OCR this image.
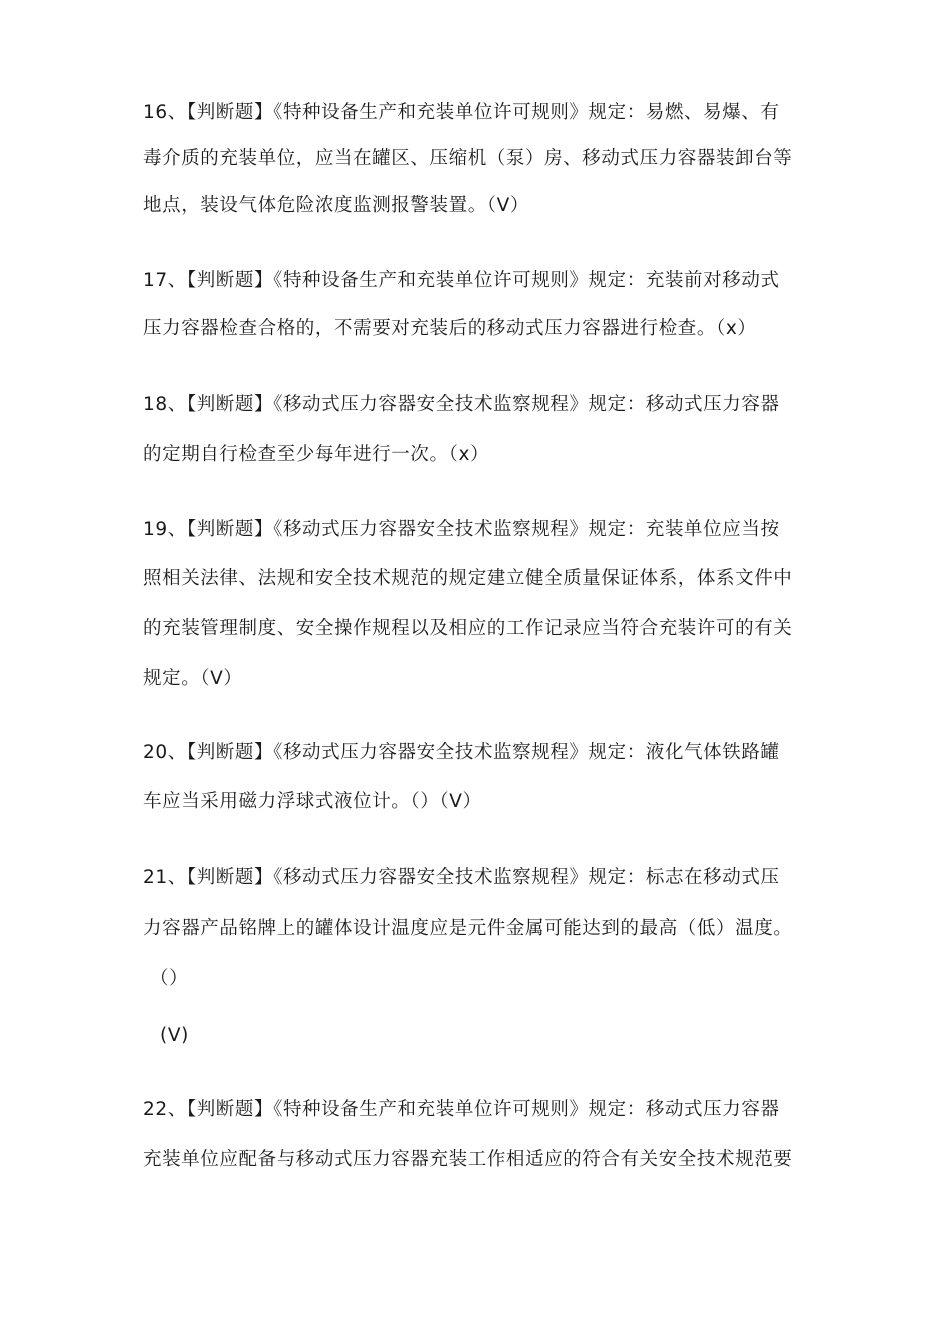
16、【判断题】《特种设备生产和充装单位许可规则》规定：易燃、易爆、有
毒介质的充装单位，应当在罐区、压缩机（泵）房、移动式压力容器装卸台等
地点，装设气体危险浓度监测报警装置。（V）
17、【判断题】《特种设备生产和充装单位许可规则》规定：充装前对移动式
压力容器检查合格的，不需要对充装后的移动式压力容器进行检查。（x）
18、【判断题】《移动式压力容器安全技术监察规程》规定：移动式压力容器
的定期自行检查至少每年进行一次。（x）
19、【判断题】《移动式压力容器安全技术监察规程》规定：充装单位应当按
照相关法律、法规和安全技术规范的规定建立健全质量保证体系，体系文件中
的充装管理制度、安全操作规程以及相应的工作记录应当符合充装许可的有关
规定。（V）
20、【判断题】《移动式压力容器安全技术监察规程》规定：液化气体铁路罐
车应当采用磁力浮球式液位计。（）（V）
21、【判断题】《移动式压力容器安全技术监察规程》规定：标志在移动式压
力容器产品铭牌上的罐体设计温度应是元件金属可能达到的最高（低）温度。
（）
(V)
22、【判断题】《特种设备生产和充装单位许可规则》规定：移动式压力容器
充装单位应配备与移动式压力容器充装工作相适应的符合有关安全技术规范要
